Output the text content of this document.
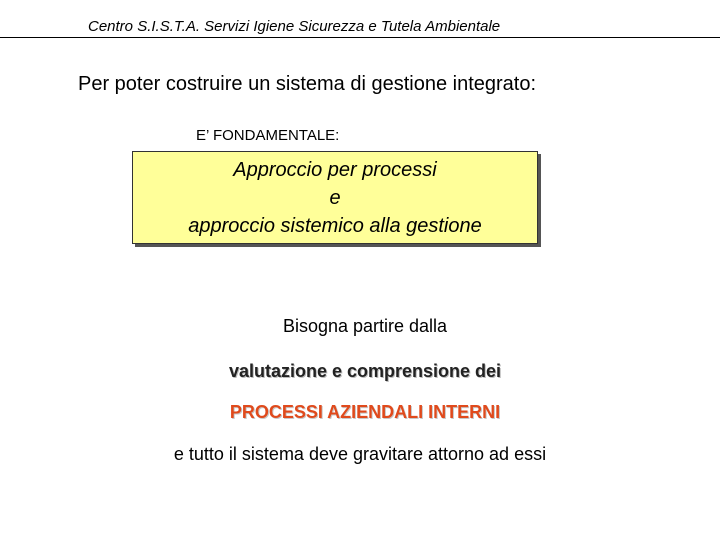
Centro S.I.S.T.A. Servizi Igiene Sicurezza e Tutela Ambientale
Per poter costruire un sistema di gestione integrato:
E’ FONDAMENTALE:
Approccio per processi
e
approccio sistemico alla gestione
Bisogna partire dalla
valutazione e comprensione dei
PROCESSI AZIENDALI INTERNI
e tutto il sistema deve gravitare attorno ad essi
